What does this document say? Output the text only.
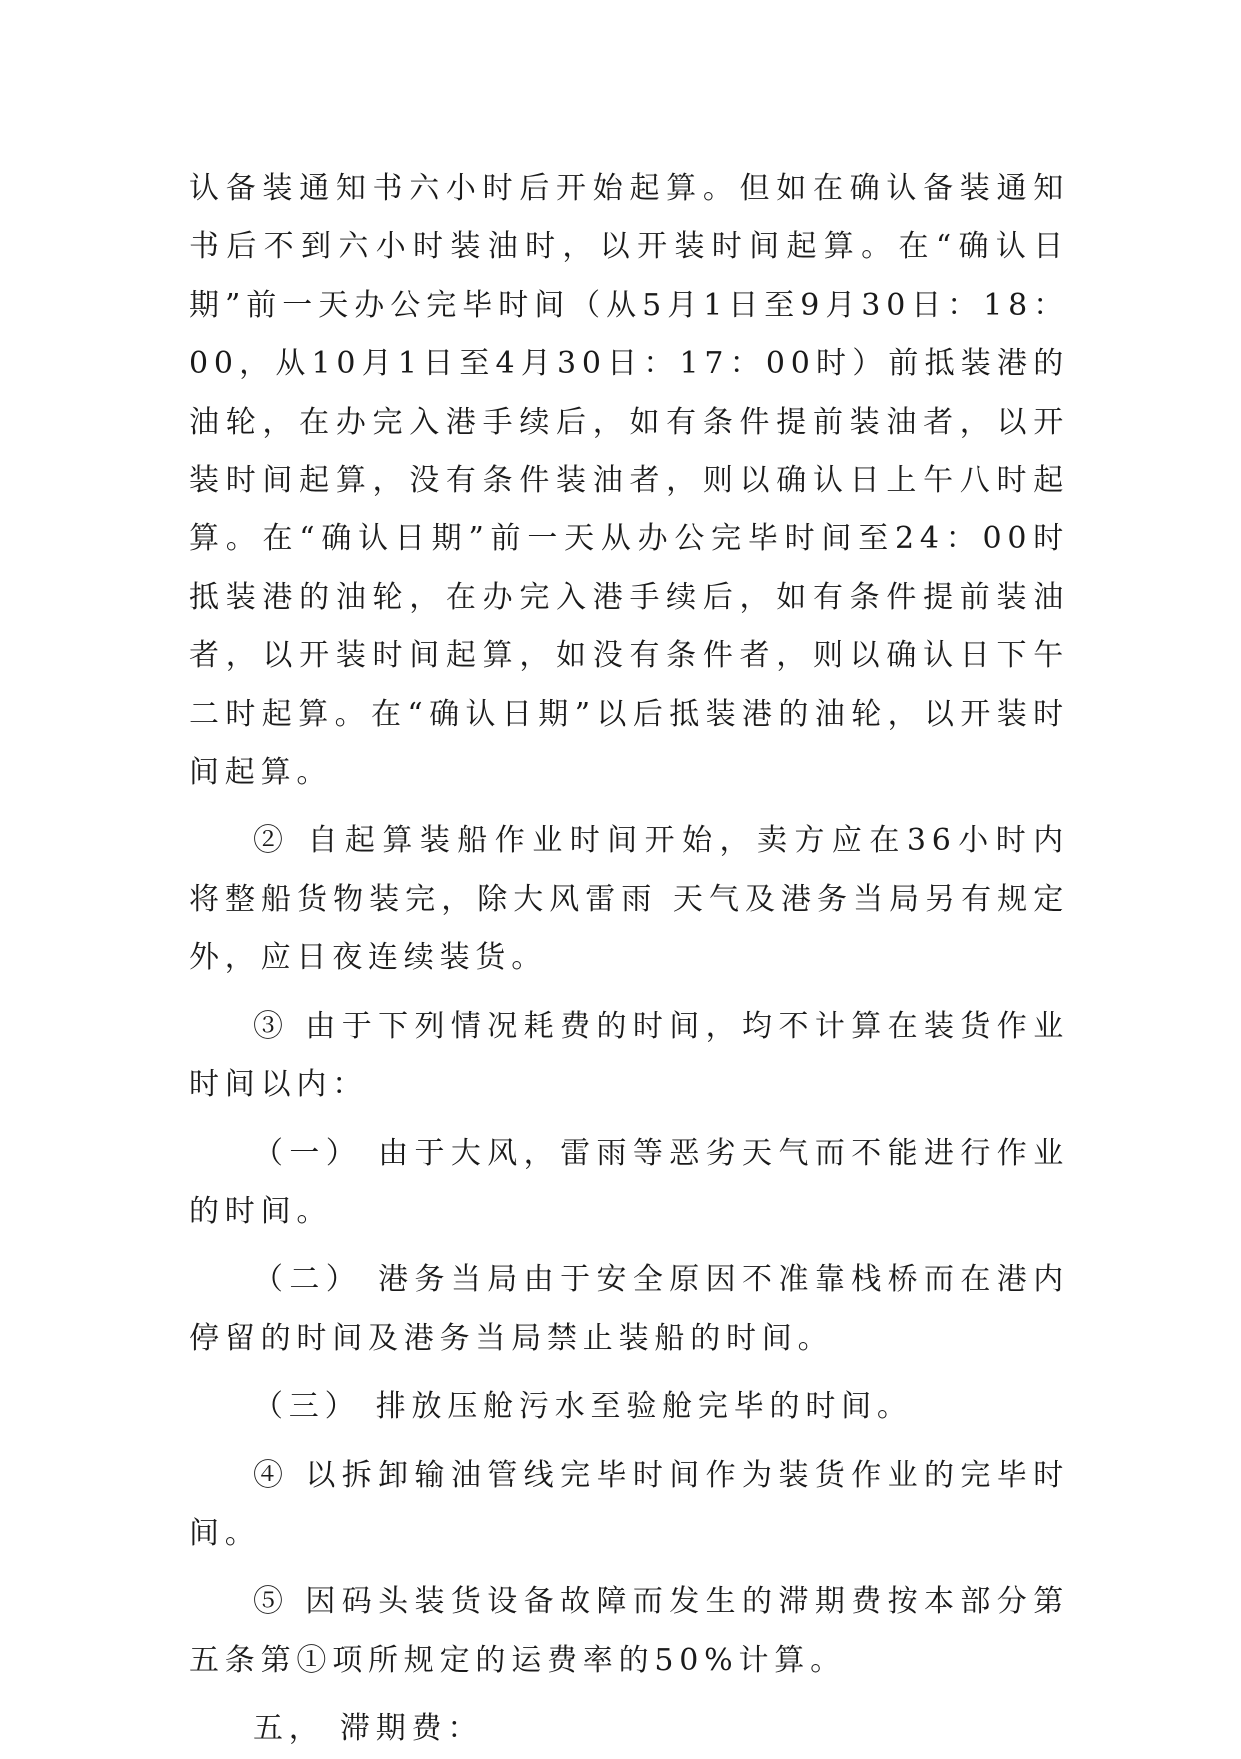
认备装通知书六小时后开始起算。但如在确认备装通知书后不到六小时装油时，以开装时间起算。在“确认日期”前一天办公完毕时间（从5月1日至9月30日：18：00，从10月1日至4月30日：17：00时）前抵装港的油轮，在办完入港手续后，如有条件提前装油者，以开装时间起算，没有条件装油者，则以确认日上午八时起算。在“确认日期”前一天从办公完毕时间至24：00时抵装港的油轮，在办完入港手续后，如有条件提前装油者，以开装时间起算，如没有条件者，则以确认日下午二时起算。在“确认日期”以后抵装港的油轮，以开装时间起算。

② 自起算装船作业时间开始，卖方应在36小时内将整船货物装完，除大风雷雨 天气及港务当局另有规定外，应日夜连续装货。

③ 由于下列情况耗费的时间，均不计算在装货作业时间以内：

（一） 由于大风，雷雨等恶劣天气而不能进行作业的时间。

（二） 港务当局由于安全原因不准靠栈桥而在港内停留的时间及港务当局禁止装船的时间。

（三） 排放压舱污水至验舱完毕的时间。

④ 以拆卸输油管线完毕时间作为装货作业的完毕时间。

⑤ 因码头装货设备故障而发生的滞期费按本部分第五条第①项所规定的运费率的50%计算。

五， 滞期费：
